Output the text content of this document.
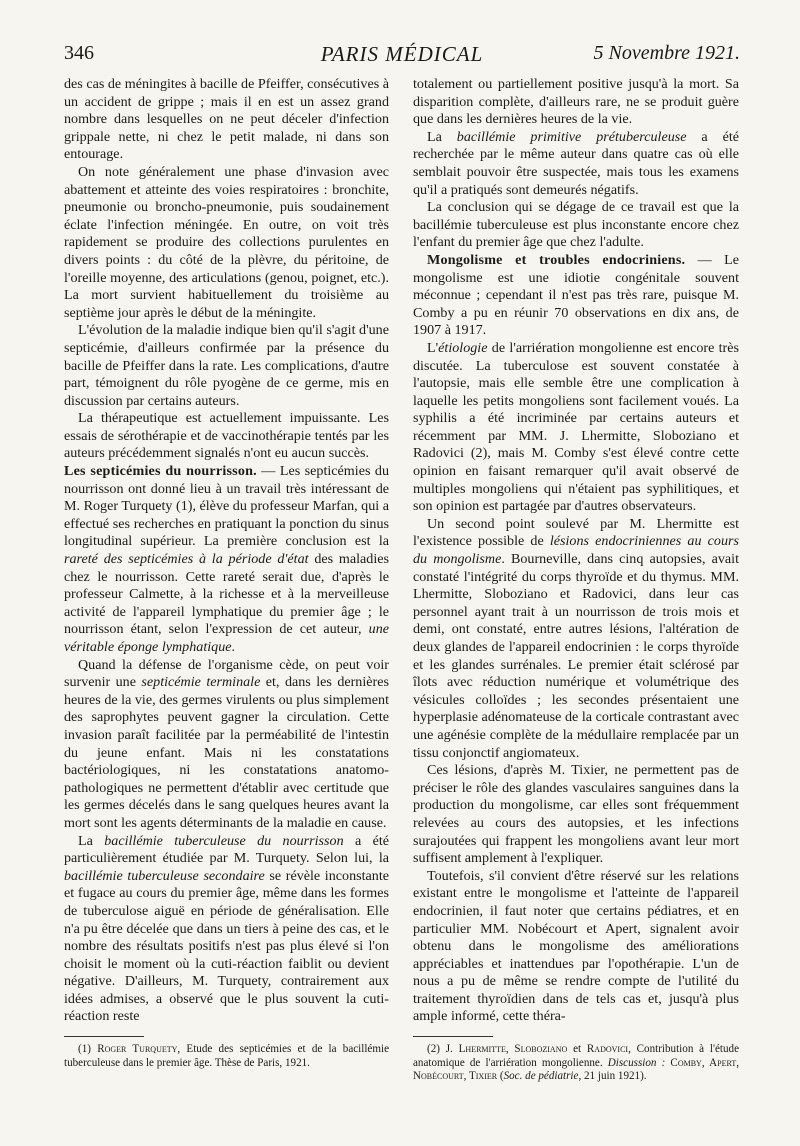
346	PARIS MÉDICAL	5 Novembre 1921.

des cas de méningites à bacille de Pfeiffer, consécutives à un accident de grippe ; mais il en est un assez grand nombre dans lesquelles on ne peut déceler d'infection grippale nette, ni chez le petit malade, ni dans son entourage.

On note généralement une phase d'invasion avec abattement et atteinte des voies respiratoires : bronchite, pneumonie ou broncho-pneumonie, puis soudainement éclate l'infection méningée. En outre, on voit très rapidement se produire des collections purulentes en divers points : du côté de la plèvre, du péritoine, de l'oreille moyenne, des articulations (genou, poignet, etc.). La mort survient habituellement du troisième au septième jour après le début de la méningite.

L'évolution de la maladie indique bien qu'il s'agit d'une septicémie, d'ailleurs confirmée par la présence du bacille de Pfeiffer dans la rate. Les complications, d'autre part, témoignent du rôle pyogène de ce germe, mis en discussion par certains auteurs.

La thérapeutique est actuellement impuissante. Les essais de sérothérapie et de vaccinothérapie tentés par les auteurs précédemment signalés n'ont eu aucun succès.

Les septicémies du nourrisson. — Les septicémies du nourrisson ont donné lieu à un travail très intéressant de M. Roger Turquety (1), élève du professeur Marfan, qui a effectué ses recherches en pratiquant la ponction du sinus longitudinal supérieur. La première conclusion est la rareté des septicémies à la période d'état des maladies chez le nourrisson. Cette rareté serait due, d'après le professeur Calmette, à la richesse et à la merveilleuse activité de l'appareil lymphatique du premier âge ; le nourrisson étant, selon l'expression de cet auteur, une véritable éponge lymphatique.

Quand la défense de l'organisme cède, on peut voir survenir une septicémie terminale et, dans les dernières heures de la vie, des germes virulents ou plus simplement des saprophytes peuvent gagner la circulation. Cette invasion paraît facilitée par la perméabilité de l'intestin du jeune enfant. Mais ni les constatations bactériologiques, ni les constatations anatomo-pathologiques ne permettent d'établir avec certitude que les germes décelés dans le sang quelques heures avant la mort sont les agents déterminants de la maladie en cause.

La bacillémie tuberculeuse du nourrisson a été particulièrement étudiée par M. Turquety. Selon lui, la bacillémie tuberculeuse secondaire se révèle inconstante et fugace au cours du premier âge, même dans les formes de tuberculose aiguë en période de généralisation. Elle n'a pu être décelée que dans un tiers à peine des cas, et le nombre des résultats positifs n'est pas plus élevé si l'on choisit le moment où la cuti-réaction faiblit ou devient négative. D'ailleurs, M. Turquety, contrairement aux idées admises, a observé que le plus souvent la cuti-réaction reste

(1) Roger Turquety, Etude des septicémies et de la bacillémie tuberculeuse dans le premier âge. Thèse de Paris, 1921.

totalement ou partiellement positive jusqu'à la mort. Sa disparition complète, d'ailleurs rare, ne se produit guère que dans les dernières heures de la vie.

La bacillémie primitive prétuberculeuse a été recherchée par le même auteur dans quatre cas où elle semblait pouvoir être suspectée, mais tous les examens qu'il a pratiqués sont demeurés négatifs.

La conclusion qui se dégage de ce travail est que la bacillémie tuberculeuse est plus inconstante encore chez l'enfant du premier âge que chez l'adulte.

Mongolisme et troubles endocriniens. — Le mongolisme est une idiotie congénitale souvent méconnue ; cependant il n'est pas très rare, puisque M. Comby a pu en réunir 70 observations en dix ans, de 1907 à 1917.

L'étiologie de l'arriération mongolienne est encore très discutée. La tuberculose est souvent constatée à l'autopsie, mais elle semble être une complication à laquelle les petits mongoliens sont facilement voués. La syphilis a été incriminée par certains auteurs et récemment par MM. J. Lhermitte, Sloboziano et Radovici (2), mais M. Comby s'est élevé contre cette opinion en faisant remarquer qu'il avait observé de multiples mongoliens qui n'étaient pas syphilitiques, et son opinion est partagée par d'autres observateurs.

Un second point soulevé par M. Lhermitte est l'existence possible de lésions endocriniennes au cours du mongolisme. Bourneville, dans cinq autopsies, avait constaté l'intégrité du corps thyroïde et du thymus. MM. Lhermitte, Sloboziano et Radovici, dans leur cas personnel ayant trait à un nourrisson de trois mois et demi, ont constaté, entre autres lésions, l'altération de deux glandes de l'appareil endocrinien : le corps thyroïde et les glandes surrénales. Le premier était sclérosé par îlots avec réduction numérique et volumétrique des vésicules colloïdes ; les secondes présentaient une hyperplasie adénomateuse de la corticale contrastant avec une agénésie complète de la médullaire remplacée par un tissu conjonctif angiomateux.

Ces lésions, d'après M. Tixier, ne permettent pas de préciser le rôle des glandes vasculaires sanguines dans la production du mongolisme, car elles sont fréquemment relevées au cours des autopsies, et les infections surajoutées qui frappent les mongoliens avant leur mort suffisent amplement à l'expliquer.

Toutefois, s'il convient d'être réservé sur les relations existant entre le mongolisme et l'atteinte de l'appareil endocrinien, il faut noter que certains pédiatres, et en particulier MM. Nobécourt et Apert, signalent avoir obtenu dans le mongolisme des améliorations appréciables et inattendues par l'opothérapie. L'un de nous a pu de même se rendre compte de l'utilité du traitement thyroïdien dans de tels cas et, jusqu'à plus ample informé, cette théra-

(2) J. Lhermitte, Sloboziano et Radovici, Contribution à l'étude anatomique de l'arriération mongolienne. Discussion : Comby, Apert, Nobécourt, Tixier (Soc. de pédiatrie, 21 juin 1921).
